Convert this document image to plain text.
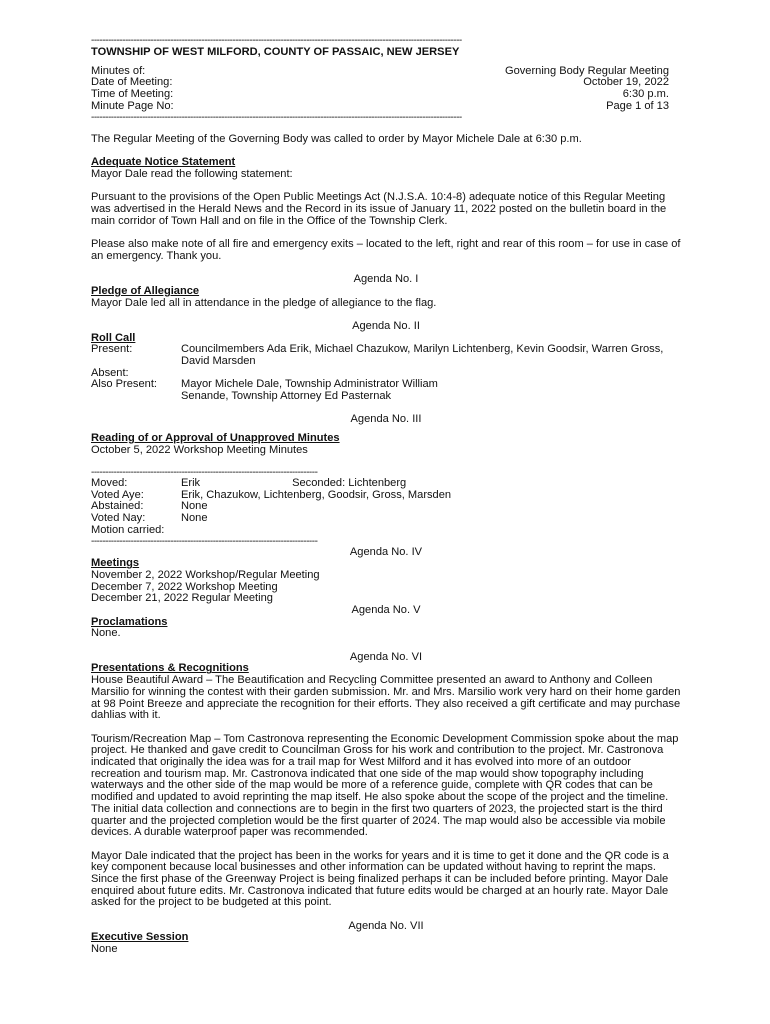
-----------------------------------------------------------------------------------------------------------------------------------
TOWNSHIP OF WEST MILFORD, COUNTY OF PASSAIC, NEW JERSEY
Minutes of:	Governing Body Regular Meeting
Date of Meeting:	October 19, 2022
Time of Meeting:	6:30 p.m.
Minute Page No:	Page 1 of 13
-----------------------------------------------------------------------------------------------------------------------------------

The Regular Meeting of the Governing Body was called to order by Mayor Michele Dale at 6:30 p.m.

Adequate Notice Statement

Mayor Dale read the following statement:

Pursuant to the provisions of the Open Public Meetings Act (N.J.S.A. 10:4-8) adequate notice of this Regular Meeting was advertised in the Herald News and the Record in its issue of January 11, 2022 posted on the bulletin board in the main corridor of Town Hall and on file in the Office of the Township Clerk.

Please also make note of all fire and emergency exits – located to the left, right and rear of this room – for use in case of an emergency. Thank you.

Agenda No. I
Pledge of Allegiance

Mayor Dale led all in attendance in the pledge of allegiance to the flag.

Agenda No. II
Roll Call
Present:	Councilmembers Ada Erik, Michael Chazukow, Marilyn Lichtenberg, Kevin Goodsir, Warren Gross, David Marsden
Absent:
Also Present:	Mayor Michele Dale, Township Administrator William Senande, Township Attorney Ed Pasternak
Agenda No. III
Reading of or Approval of Unapproved Minutes

October 5, 2022 Workshop Meeting Minutes

--------------------------------------------------------------------------------
Moved:	Erik	Seconded: Lichtenberg
Voted Aye:	Erik, Chazukow, Lichtenberg, Goodsir, Gross, Marsden
Abstained:	None
Voted Nay:	None
Motion carried:
--------------------------------------------------------------------------------
Agenda No. IV
Meetings
November 2, 2022 Workshop/Regular Meeting
December 7, 2022 Workshop Meeting
December 21, 2022 Regular Meeting
Agenda No. V
Proclamations

None.

Agenda No. VI
Presentations & Recognitions

House Beautiful Award – The Beautification and Recycling Committee presented an award to Anthony and Colleen Marsilio for winning the contest with their garden submission. Mr. and Mrs. Marsilio work very hard on their home garden at 98 Point Breeze and appreciate the recognition for their efforts. They also received a gift certificate and may purchase dahlias with it.

Tourism/Recreation Map – Tom Castronova representing the Economic Development Commission spoke about the map project. He thanked and gave credit to Councilman Gross for his work and contribution to the project. Mr. Castronova indicated that originally the idea was for a trail map for West Milford and it has evolved into more of an outdoor recreation and tourism map. Mr. Castronova indicated that one side of the map would show topography including waterways and the other side of the map would be more of a reference guide, complete with QR codes that can be modified and updated to avoid reprinting the map itself. He also spoke about the scope of the project and the timeline. The initial data collection and connections are to begin in the first two quarters of 2023, the projected start is the third quarter and the projected completion would be the first quarter of 2024. The map would also be accessible via mobile devices. A durable waterproof paper was recommended.

Mayor Dale indicated that the project has been in the works for years and it is time to get it done and the QR code is a key component because local businesses and other information can be updated without having to reprint the maps. Since the first phase of the Greenway Project is being finalized perhaps it can be included before printing. Mayor Dale enquired about future edits. Mr. Castronova indicated that future edits would be charged at an hourly rate. Mayor Dale asked for the project to be budgeted at this point.

Agenda No. VII
Executive Session

None
